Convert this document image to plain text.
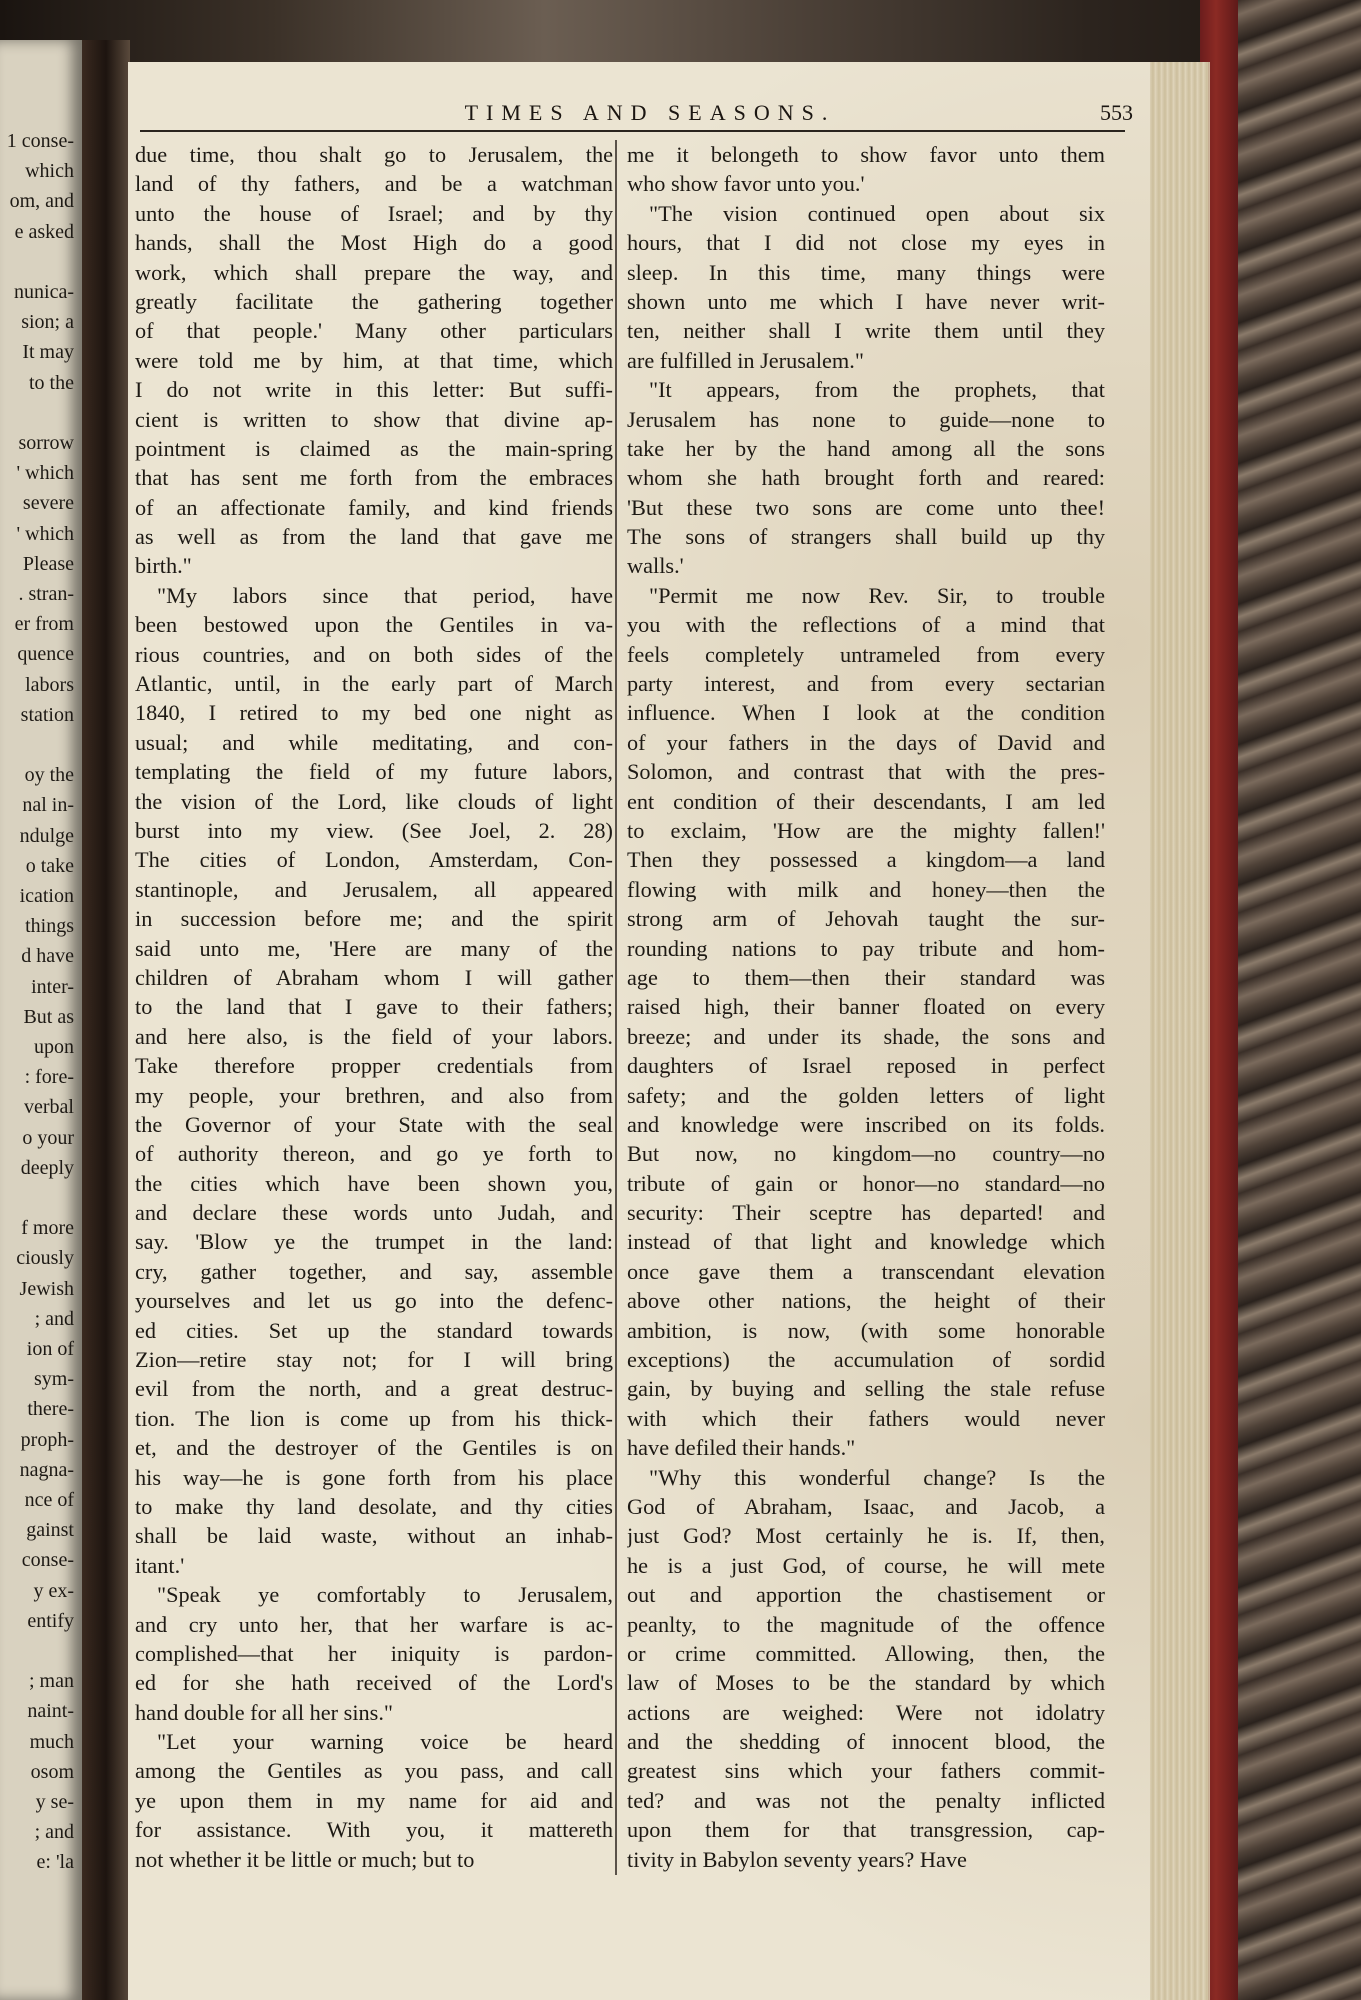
1 conse-
which
om, and
e asked
nunica-
sion; a
It may
to the
sorrow
' which
severe
' which
Please
. stran-
er from
quence
labors
station
oy the
nal in-
ndulge
o take
ication
things
d have
inter-
But as
upon
: fore-
verbal
o your
deeply
f more
ciously
Jewish
; and
ion of
sym-
there-
proph-
nagna-
nce of
gainst
conse-
y ex-
entify
; man
naint-
much
osom
y se-
; and
e: 'la
TIMES AND SEASONS.	553

due time, thou shalt go to Jerusalem, the
land of thy fathers, and be a watchman
unto the house of Israel; and by thy
hands, shall the Most High do a good
work, which shall prepare the way, and
greatly facilitate the gathering together
of that people.' Many other particulars
were told me by him, at that time, which
I do not write in this letter: But suffi-
cient is written to show that divine ap-
pointment is claimed as the main-spring
that has sent me forth from the embraces
of an affectionate family, and kind friends
as well as from the land that gave me
birth."

"My labors since that period, have
been bestowed upon the Gentiles in va-
rious countries, and on both sides of the
Atlantic, until, in the early part of March
1840, I retired to my bed one night as
usual; and while meditating, and con-
templating the field of my future labors,
the vision of the Lord, like clouds of light
burst into my view. (See Joel, 2. 28)
The cities of London, Amsterdam, Con-
stantinople, and Jerusalem, all appeared
in succession before me; and the spirit
said unto me, 'Here are many of the
children of Abraham whom I will gather
to the land that I gave to their fathers;
and here also, is the field of your labors.
Take therefore propper credentials from
my people, your brethren, and also from
the Governor of your State with the seal
of authority thereon, and go ye forth to
the cities which have been shown you,
and declare these words unto Judah, and
say. 'Blow ye the trumpet in the land:
cry, gather together, and say, assemble
yourselves and let us go into the defenc-
ed cities. Set up the standard towards
Zion—retire stay not; for I will bring
evil from the north, and a great destruc-
tion. The lion is come up from his thick-
et, and the destroyer of the Gentiles is on
his way—he is gone forth from his place
to make thy land desolate, and thy cities
shall be laid waste, without an inhab-
itant.'

"Speak ye comfortably to Jerusalem,
and cry unto her, that her warfare is ac-
complished—that her iniquity is pardon-
ed for she hath received of the Lord's
hand double for all her sins."

"Let your warning voice be heard
among the Gentiles as you pass, and call
ye upon them in my name for aid and
for assistance. With you, it mattereth
not whether it be little or much; but to

me it belongeth to show favor unto them
who show favor unto you.'

"The vision continued open about six
hours, that I did not close my eyes in
sleep. In this time, many things were
shown unto me which I have never writ-
ten, neither shall I write them until they
are fulfilled in Jerusalem."

"It appears, from the prophets, that
Jerusalem has none to guide—none to
take her by the hand among all the sons
whom she hath brought forth and reared:
'But these two sons are come unto thee!
The sons of strangers shall build up thy
walls.'

"Permit me now Rev. Sir, to trouble
you with the reflections of a mind that
feels completely untrameled from every
party interest, and from every sectarian
influence. When I look at the condition
of your fathers in the days of David and
Solomon, and contrast that with the pres-
ent condition of their descendants, I am led
to exclaim, 'How are the mighty fallen!'
Then they possessed a kingdom—a land
flowing with milk and honey—then the
strong arm of Jehovah taught the sur-
rounding nations to pay tribute and hom-
age to them—then their standard was
raised high, their banner floated on every
breeze; and under its shade, the sons and
daughters of Israel reposed in perfect
safety; and the golden letters of light
and knowledge were inscribed on its folds.
But now, no kingdom—no country—no
tribute of gain or honor—no standard—no
security: Their sceptre has departed! and
instead of that light and knowledge which
once gave them a transcendant elevation
above other nations, the height of their
ambition, is now, (with some honorable
exceptions) the accumulation of sordid
gain, by buying and selling the stale refuse
with which their fathers would never
have defiled their hands."

"Why this wonderful change? Is the
God of Abraham, Isaac, and Jacob, a
just God? Most certainly he is. If, then,
he is a just God, of course, he will mete
out and apportion the chastisement or
peanlty, to the magnitude of the offence
or crime committed. Allowing, then, the
law of Moses to be the standard by which
actions are weighed: Were not idolatry
and the shedding of innocent blood, the
greatest sins which your fathers commit-
ted? and was not the penalty inflicted
upon them for that transgression, cap-
tivity in Babylon seventy years? Have
